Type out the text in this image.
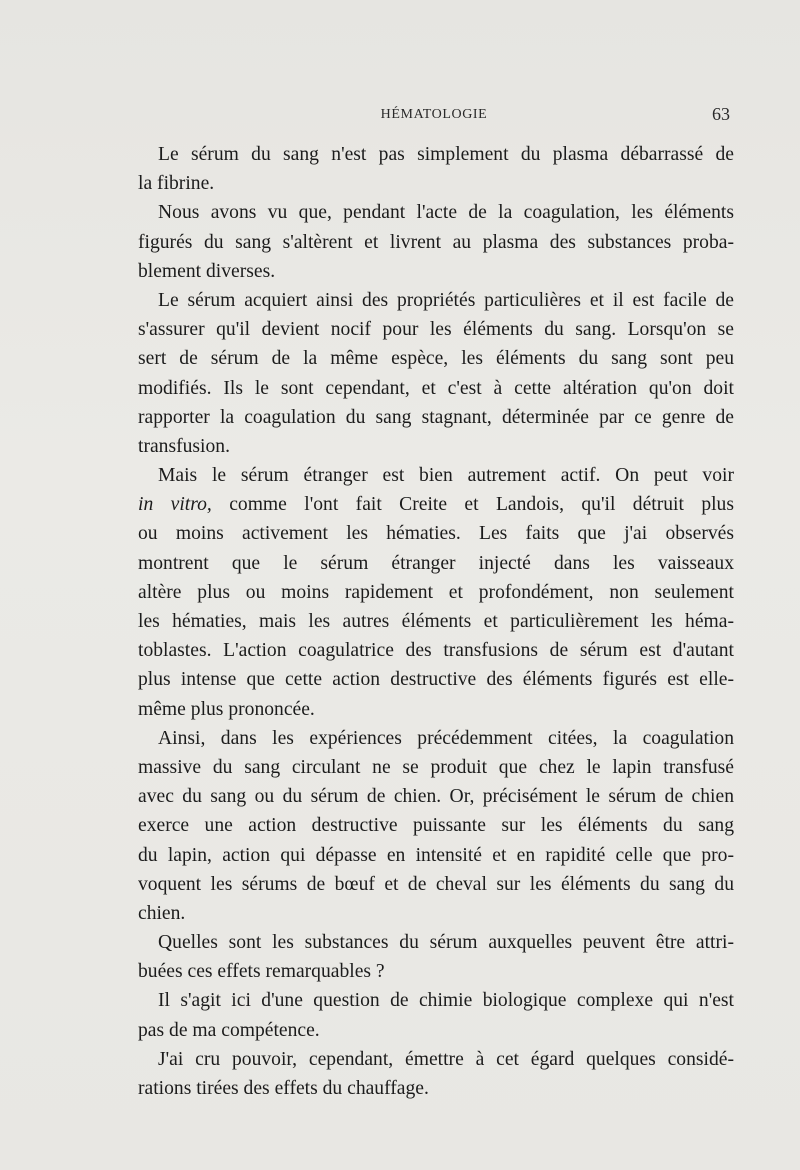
HÉMATOLOGIE	63

Le sérum du sang n'est pas simplement du plasma débarrassé de
la fibrine.

Nous avons vu que, pendant l'acte de la coagulation, les éléments
figurés du sang s'altèrent et livrent au plasma des substances proba-
blement diverses.

Le sérum acquiert ainsi des propriétés particulières et il est facile de
s'assurer qu'il devient nocif pour les éléments du sang. Lorsqu'on se
sert de sérum de la même espèce, les éléments du sang sont peu
modifiés. Ils le sont cependant, et c'est à cette altération qu'on doit
rapporter la coagulation du sang stagnant, déterminée par ce genre de
transfusion.

Mais le sérum étranger est bien autrement actif. On peut voir
in vitro, comme l'ont fait Creite et Landois, qu'il détruit plus
ou moins activement les hématies. Les faits que j'ai observés
montrent que le sérum étranger injecté dans les vaisseaux
altère plus ou moins rapidement et profondément, non seulement
les hématies, mais les autres éléments et particulièrement les héma-
toblastes. L'action coagulatrice des transfusions de sérum est d'autant
plus intense que cette action destructive des éléments figurés est elle-
même plus prononcée.

Ainsi, dans les expériences précédemment citées, la coagulation
massive du sang circulant ne se produit que chez le lapin transfusé
avec du sang ou du sérum de chien. Or, précisément le sérum de chien
exerce une action destructive puissante sur les éléments du sang
du lapin, action qui dépasse en intensité et en rapidité celle que pro-
voquent les sérums de bœuf et de cheval sur les éléments du sang du
chien.

Quelles sont les substances du sérum auxquelles peuvent être attri-
buées ces effets remarquables ?

Il s'agit ici d'une question de chimie biologique complexe qui n'est
pas de ma compétence.

J'ai cru pouvoir, cependant, émettre à cet égard quelques considé-
rations tirées des effets du chauffage.
